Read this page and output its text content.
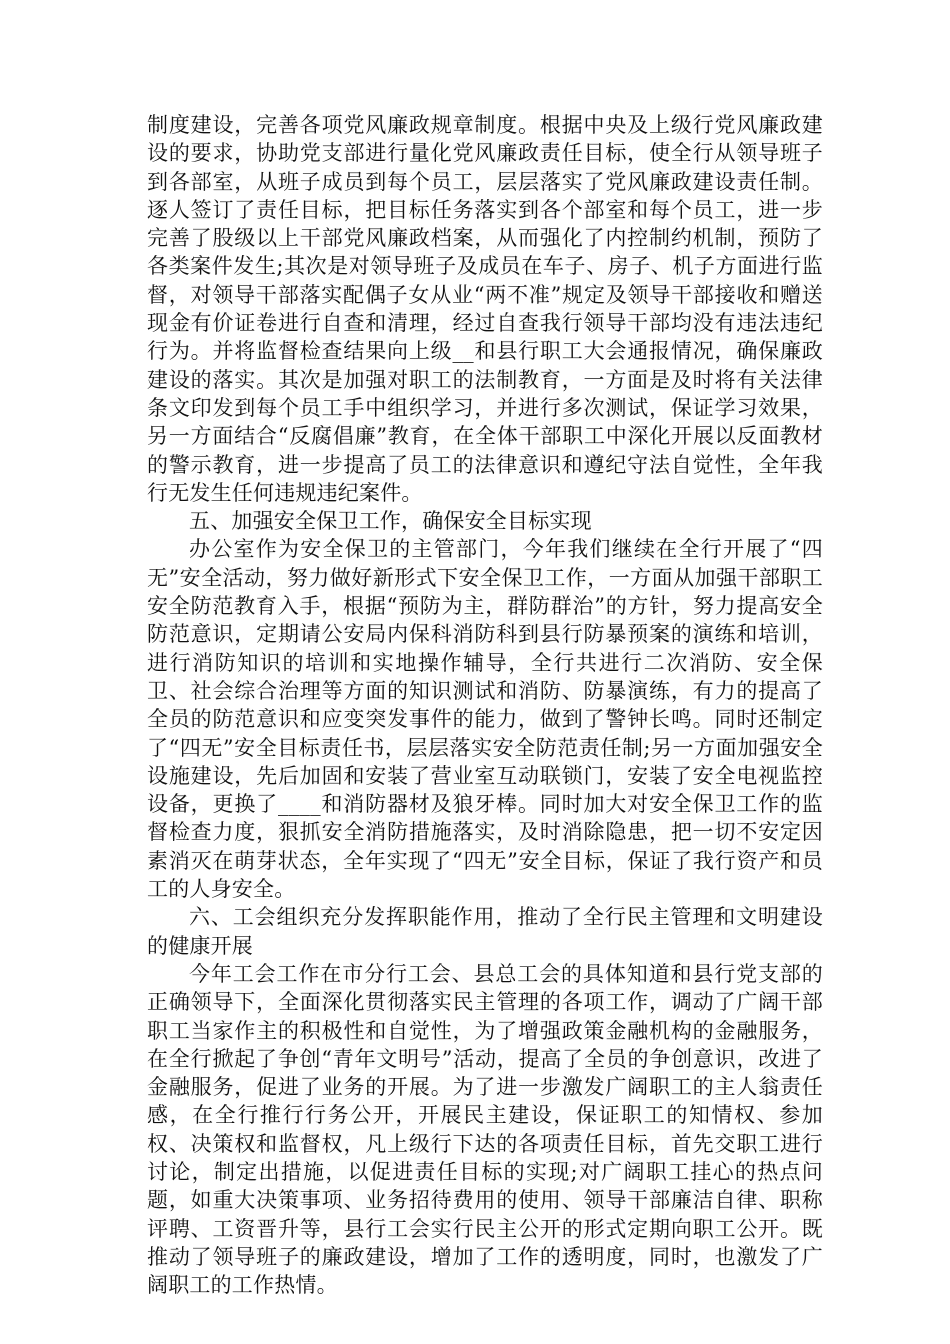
制度建设，完善各项党风廉政规章制度。根据中央及上级行党风廉政建设的要求，协助党支部进行量化党风廉政责任目标，使全行从领导班子到各部室，从班子成员到每个员工，层层落实了党风廉政建设责任制。逐人签订了责任目标，把目标任务落实到各个部室和每个员工，进一步完善了股级以上干部党风廉政档案，从而强化了内控制约机制，预防了各类案件发生;其次是对领导班子及成员在车子、房子、机子方面进行监督，对领导干部落实配偶子女从业“两不准”规定及领导干部接收和赠送现金有价证卷进行自查和清理，经过自查我行领导干部均没有违法违纪行为。并将监督检查结果向上级__和县行职工大会通报情况，确保廉政建设的落实。其次是加强对职工的法制教育，一方面是及时将有关法律条文印发到每个员工手中组织学习，并进行多次测试，保证学习效果，另一方面结合“反腐倡廉”教育，在全体干部职工中深化开展以反面教材的警示教育，进一步提高了员工的法律意识和遵纪守法自觉性，全年我行无发生任何违规违纪案件。

五、加强安全保卫工作，确保安全目标实现

办公室作为安全保卫的主管部门，今年我们继续在全行开展了“四无”安全活动，努力做好新形式下安全保卫工作，一方面从加强干部职工安全防范教育入手，根据“预防为主，群防群治”的方针，努力提高安全防范意识，定期请公安局内保科消防科到县行防暴预案的演练和培训，进行消防知识的培训和实地操作辅导，全行共进行二次消防、安全保卫、社会综合治理等方面的知识测试和消防、防暴演练，有力的提高了全员的防范意识和应变突发事件的能力，做到了警钟长鸣。同时还制定了“四无”安全目标责任书，层层落实安全防范责任制;另一方面加强安全设施建设，先后加固和安装了营业室互动联锁门，安装了安全电视监控设备，更换了____和消防器材及狼牙棒。同时加大对安全保卫工作的监督检查力度，狠抓安全消防措施落实，及时消除隐患，把一切不安定因素消灭在萌芽状态，全年实现了“四无”安全目标，保证了我行资产和员工的人身安全。

六、工会组织充分发挥职能作用，推动了全行民主管理和文明建设的健康开展

今年工会工作在市分行工会、县总工会的具体知道和县行党支部的正确领导下，全面深化贯彻落实民主管理的各项工作，调动了广阔干部职工当家作主的积极性和自觉性，为了增强政策金融机构的金融服务，在全行掀起了争创“青年文明号”活动，提高了全员的争创意识，改进了金融服务，促进了业务的开展。为了进一步激发广阔职工的主人翁责任感，在全行推行行务公开，开展民主建设，保证职工的知情权、参加权、决策权和监督权，凡上级行下达的各项责任目标，首先交职工进行讨论，制定出措施，以促进责任目标的实现;对广阔职工挂心的热点问题，如重大决策事项、业务招待费用的使用、领导干部廉洁自律、职称评聘、工资晋升等，县行工会实行民主公开的形式定期向职工公开。既推动了领导班子的廉政建设，增加了工作的透明度，同时，也激发了广阔职工的工作热情。
